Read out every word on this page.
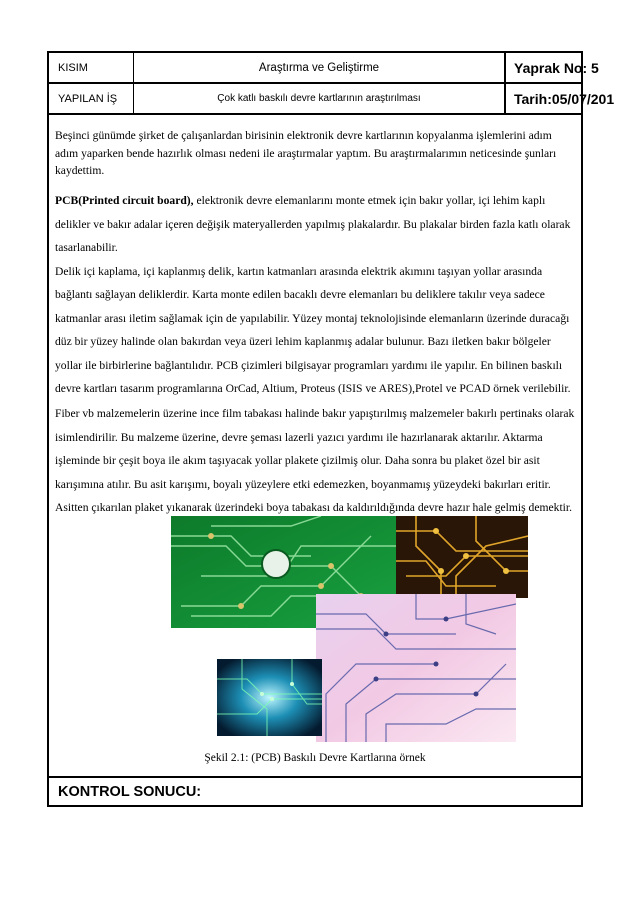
KISIM	Araştırma ve Geliştirme	Yaprak No: 5
YAPILAN İŞ	Çok katlı baskılı devre kartlarının araştırılması	Tarih:05/07/201
Beşinci günümde şirket de çalışanlardan birisinin elektronik devre kartlarının kopyalanma işlemlerini adım adım yaparken bende hazırlık olması nedeni ile araştırmalar yaptım. Bu araştırmalarımın neticesinde şunları kaydettim.
PCB(Printed circuit board), elektronik devre elemanlarını monte etmek için bakır yollar, içi lehim kaplı delikler ve bakır adalar içeren değişik materyallerden yapılmış plakalardır. Bu plakalar birden fazla katlı olarak tasarlanabilir.
Delik içi kaplama, içi kaplanmış delik, kartın katmanları arasında elektrik akımını taşıyan yollar arasında bağlantı sağlayan deliklerdir. Karta monte edilen bacaklı devre elemanları bu deliklere takılır veya sadece katmanlar arası iletim sağlamak için de yapılabilir. Yüzey montaj teknolojisinde elemanların üzerinde duracağı düz bir yüzey halinde olan bakırdan veya üzeri lehim kaplanmış adalar bulunur. Bazı iletken bakır bölgeler yollar ile birbirlerine bağlantılıdır. PCB çizimleri bilgisayar programları yardımı ile yapılır. En bilinen baskılı devre kartları tasarım programlarına OrCad, Altium, Proteus (ISIS ve ARES),Protel ve PCAD örnek verilebilir.
Fiber vb malzemelerin üzerine ince film tabakası halinde bakır yapıştırılmış malzemeler bakırlı pertinaks olarak isimlendirilir. Bu malzeme üzerine, devre şeması lazerli yazıcı yardımı ile hazırlanarak aktarılır. Aktarma işleminde bir çeşit boya ile akım taşıyacak yollar plakete çizilmiş olur. Daha sonra bu plaket özel bir asit karışımına atılır. Bu asit karışımı, boyalı yüzeylere etki edemezken, boyanmamış yüzeydeki bakırları eritir. Asitten çıkarılan plaket yıkanarak üzerindeki boya tabakası da kaldırıldığında devre hazır hale gelmiş demektir.
Şekil 2.1: (PCB) Baskılı Devre Kartlarına örnek
KONTROL SONUCU:
